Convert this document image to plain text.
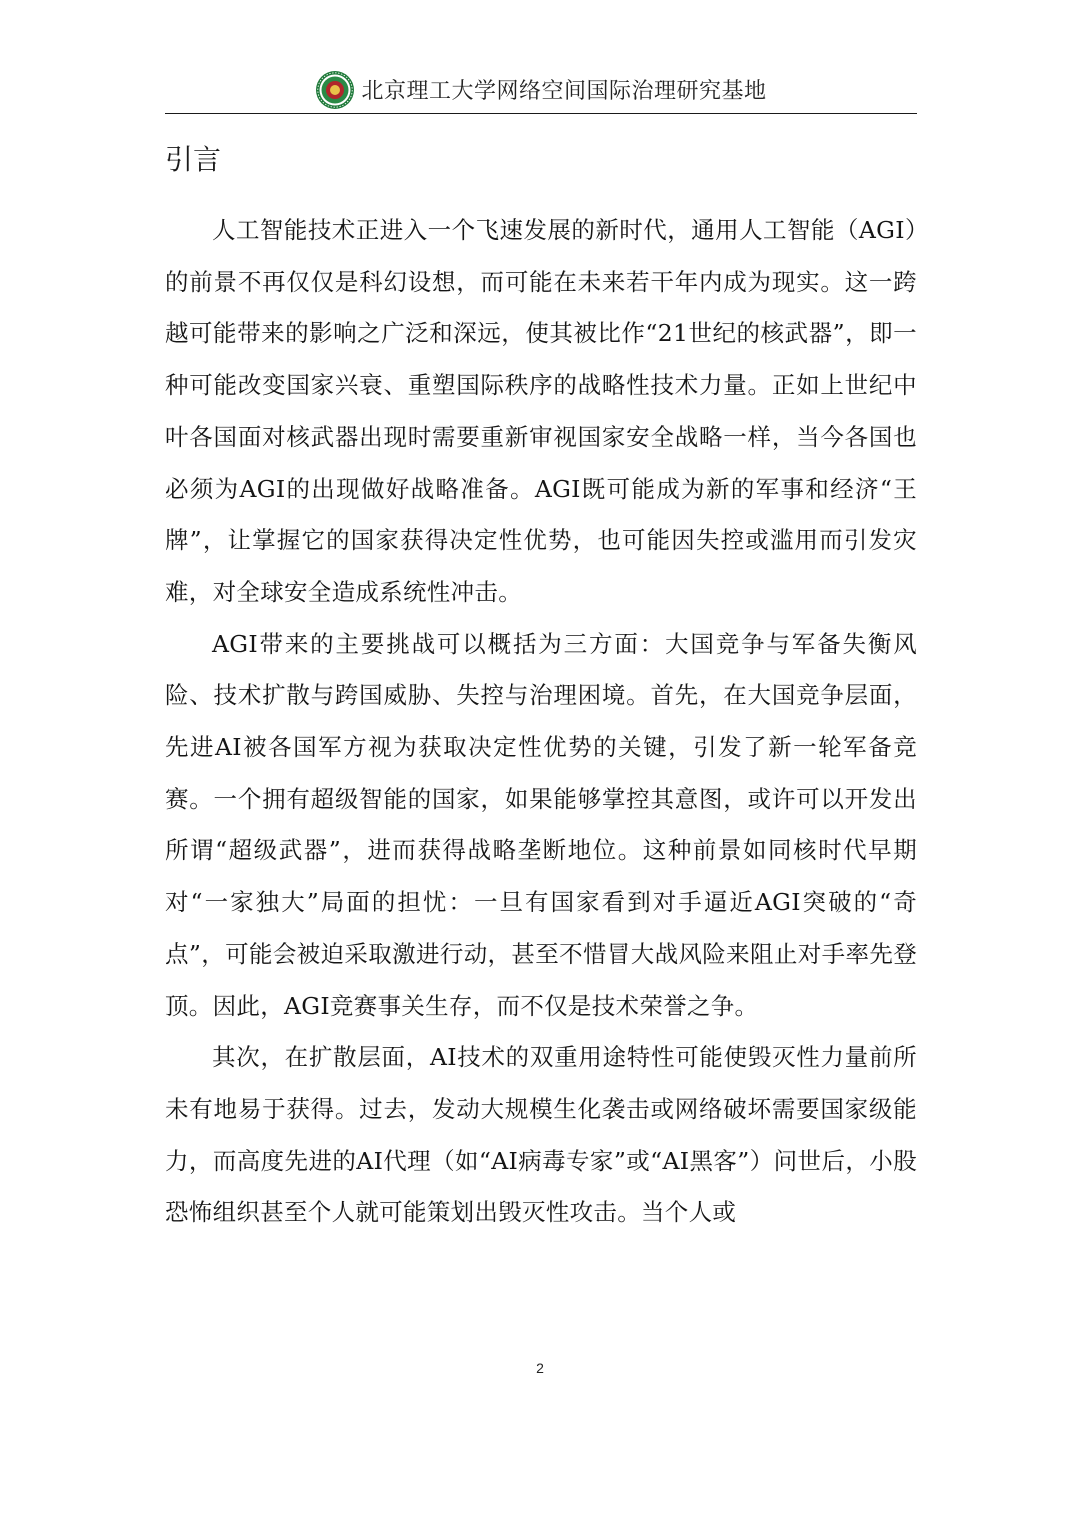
北京理工大学网络空间国际治理研究基地
引言

人工智能技术正进入一个飞速发展的新时代，通用人工智能（AGI）的前景不再仅仅是科幻设想，而可能在未来若干年内成为现实。这一跨越可能带来的影响之广泛和深远，使其被比作“21世纪的核武器”，即一种可能改变国家兴衰、重塑国际秩序的战略性技术力量。正如上世纪中叶各国面对核武器出现时需要重新审视国家安全战略一样，当今各国也必须为AGI的出现做好战略准备。AGI既可能成为新的军事和经济“王牌”，让掌握它的国家获得决定性优势，也可能因失控或滥用而引发灾难，对全球安全造成系统性冲击。

AGI带来的主要挑战可以概括为三方面：大国竞争与军备失衡风险、技术扩散与跨国威胁、失控与治理困境。首先，在大国竞争层面，先进AI被各国军方视为获取决定性优势的关键，引发了新一轮军备竞赛。一个拥有超级智能的国家，如果能够掌控其意图，或许可以开发出所谓“超级武器”，进而获得战略垄断地位。这种前景如同核时代早期对“一家独大”局面的担忧：一旦有国家看到对手逼近AGI突破的“奇点”，可能会被迫采取激进行动，甚至不惜冒大战风险来阻止对手率先登顶。因此，AGI竞赛事关生存，而不仅是技术荣誉之争。

其次，在扩散层面，AI技术的双重用途特性可能使毁灭性力量前所未有地易于获得。过去，发动大规模生化袭击或网络破坏需要国家级能力，而高度先进的AI代理（如“AI病毒专家”或“AI黑客”）问世后，小股恐怖组织甚至个人就可能策划出毁灭性攻击。当个人或

2
